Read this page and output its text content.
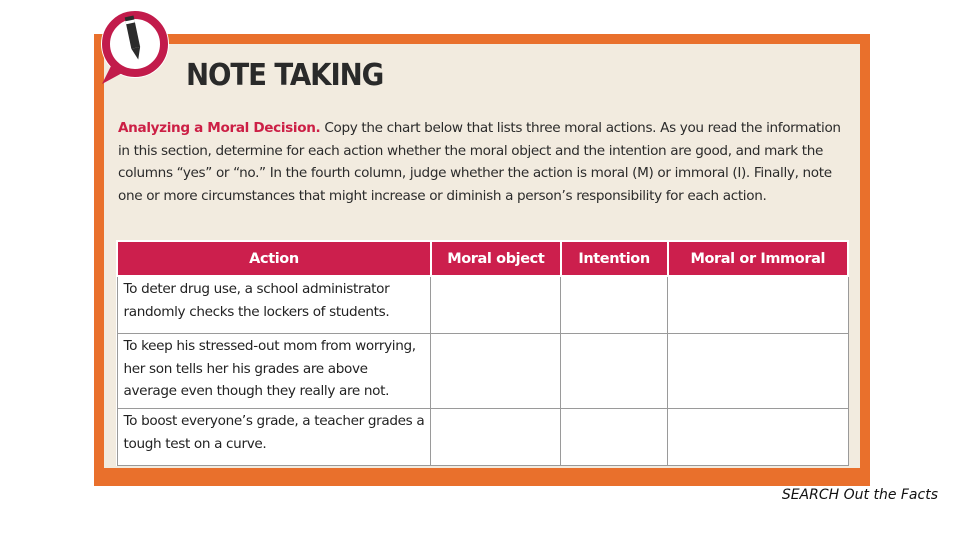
NOTE TAKING
Analyzing a Moral Decision. Copy the chart below that lists three moral actions. As you read the information in this section, determine for each action whether the moral object and the intention are good, and mark the columns “yes” or “no.” In the fourth column, judge whether the action is moral (M) or immoral (I). Finally, note one or more circumstances that might increase or diminish a person’s responsibility for each action.
Action	Moral object	Intention	Moral or Immoral
To deter drug use, a school administrator randomly checks the lockers of students.			
To keep his stressed-out mom from worrying, her son tells her his grades are above average even though they really are not.			
To boost everyone’s grade, a teacher grades a tough test on a curve.			
SEARCH Out the Facts
